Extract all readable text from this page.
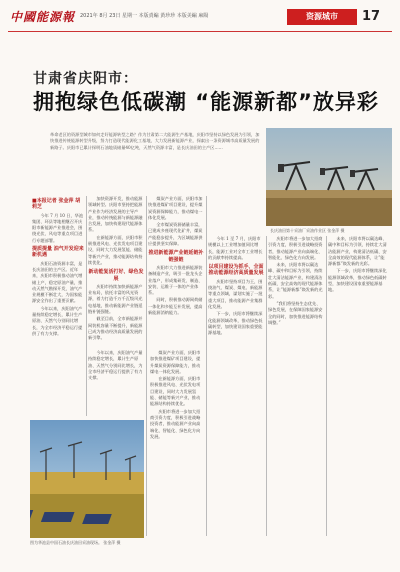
中國能源報 2021年 8月 23日 星期一 本版責編 黃珍珍 本版美編 麻陽	资源城市	17
甘肃省庆阳市：
拥抱绿色低碳潮 “能源新都”放异彩
革命老区的资源型城市如何走好能源转型之路？作为甘肃第二大能源生产基地，庆阳市坚持以绿色发展为引领，加快推进传统能源转型升级，努力打造现代能源化工基地，大力发展新能源产业，探索出一条资源城市高质量发展的新路子。庆阳市已累计探明石油地质储量40亿吨，天然气资源丰富，是长庆油田的主产区……
长庆油田第十采油厂采油作业区 张金萍 摄
■本报记者 张金萍 胡莉芝

今年 7 月 10 日，华池集团、环县等地相继召开庆阳市新能源产业推进会，围绕光伏、风电等重点项目进行专题部署。

提质提量 油气开发迎来新机遇

庆阳石油资源丰富，是长庆油田的主产区。近年来，庆阳市积极推动油气增储上产，稳定原油产量，推动天然气勘探开发，油气产业规模不断壮大，为国家能源安全作出了重要贡献。

今年以来，庆阳油气产量持续稳定增长，累计生产原油、天然气分别同比增长，为全市经济平稳运行提供了有力支撑。

加快资源开发，推动能源领域转型。庆阳市坚持把能源产业作为经济发展的主导产业，推动传统能源与新能源融合发展，加快构建现代能源体系。

在新能源方面，庆阳市积极推进风电、光伏发电项目建设，同时大力发展氢能、储能等新兴产业，推动能源结构持续优化。

新动能复活打好、绿色发展

庆阳市持续加快新能源产业布局，依托丰富的风光资源，着力打造千万千瓦级风光电基地，推动新能源产业链延链补链强链。

截至目前，全市新能源并网装机容量不断提升，新能源已成为推动经济高质量发展的新引擎。

煤炭产业方面，庆阳市加快推进煤矿项目建设，提升煤炭资源保障能力，推动煤电一体化发展。

全市煤炭资源储量丰富，已建成多座现代化矿井，煤炭产能稳步提升，为区域能源供应提供坚实保障。

推进新能源产业链延链补链强链

庆阳市大力推进新能源装备制造产业，吸引一批龙头企业落户，形成集研发、制造、安装、运维于一体的产业体系。

同时，积极推动源网荷储一体化和多能互补发展，提高新能源消纳能力。

今年 1 至 7 月，庆阳市规模以上工业增加值同比增长，能源工业对全市工业增长的贡献率持续提高。

以项目建设为抓手、全面推动能源经济高质量发展

庆阳市坚持项目为王，围绕油气、煤炭、煤电、新能源等重点领域，谋划实施了一批重大项目，推动能源产业集群化发展。

下一步，庆阳市将继续深化能源领域改革，推动绿色低碳转型，加快建设国家重要能源基地。

庆阳市将进一步加大招商引资力度，积极引进战略投资者，推动能源产业向高端化、智能化、绿色化方向发展。

未来，庆阳市将以碳达峰、碳中和目标为引领，持续壮大清洁能源产业，构建清洁低碳、安全高效的现代能源体系，让“能源新都”焕发新的光彩。

“我们将坚持生态优先、绿色发展，在保障国家能源安全的同时，加快推进能源结构调整。”

未来，庆阳市将以碳达峰、碳中和目标为引领，持续壮大清洁能源产业，构建清洁低碳、安全高效的现代能源体系，让“能源新都”焕发新的光彩。

下一步，庆阳市将继续深化能源领域改革，推动绿色低碳转型，加快建设国家重要能源基地。

图为华池县中国石油长庆油田采油现场。 张金萍 摄

煤炭产业方面，庆阳市加快推进煤矿项目建设，提升煤炭资源保障能力，推动煤电一体化发展。

在新能源方面，庆阳市积极推进风电、光伏发电项目建设，同时大力发展氢能、储能等新兴产业，推动能源结构持续优化。

庆阳市将进一步加大招商引资力度，积极引进战略投资者，推动能源产业向高端化、智能化、绿色化方向发展。

今年以来，庆阳油气产量持续稳定增长，累计生产原油、天然气分别同比增长，为全市经济平稳运行提供了有力支撑。
